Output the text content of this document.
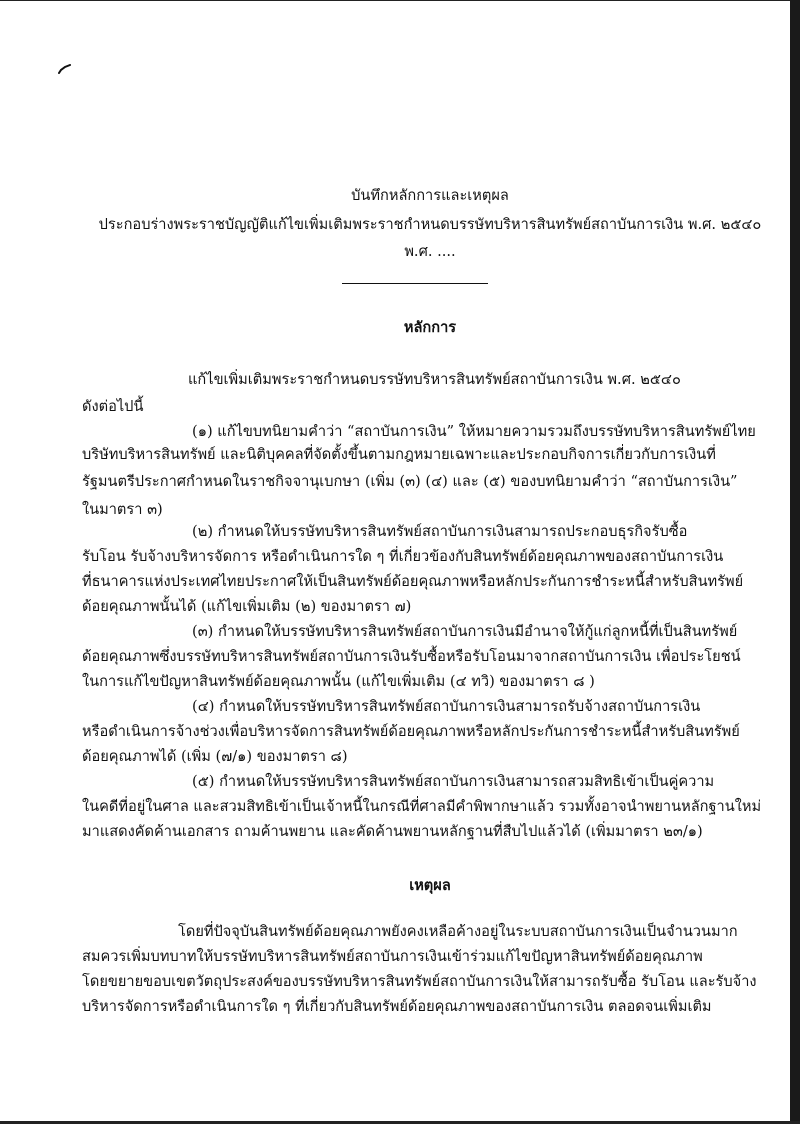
บันทึกหลักการและเหตุผล
ประกอบร่างพระราชบัญญัติแก้ไขเพิ่มเติมพระราชกำหนดบรรษัทบริหารสินทรัพย์สถาบันการเงิน พ.ศ. ๒๕๔๐
พ.ศ. ....
หลักการ
แก้ไขเพิ่มเติมพระราชกำหนดบรรษัทบริหารสินทรัพย์สถาบันการเงิน พ.ศ. ๒๕๔๐
ดังต่อไปนี้
(๑) แก้ไขบทนิยามคำว่า “สถาบันการเงิน” ให้หมายความรวมถึงบรรษัทบริหารสินทรัพย์ไทย
บริษัทบริหารสินทรัพย์ และนิติบุคคลที่จัดตั้งขึ้นตามกฎหมายเฉพาะและประกอบกิจการเกี่ยวกับการเงินที่
รัฐมนตรีประกาศกำหนดในราชกิจจานุเบกษา (เพิ่ม (๓) (๔) และ (๕) ของบทนิยามคำว่า “สถาบันการเงิน”
ในมาตรา ๓)
(๒) กำหนดให้บรรษัทบริหารสินทรัพย์สถาบันการเงินสามารถประกอบธุรกิจรับซื้อ
รับโอน รับจ้างบริหารจัดการ หรือดำเนินการใด ๆ ที่เกี่ยวข้องกับสินทรัพย์ด้อยคุณภาพของสถาบันการเงิน
ที่ธนาคารแห่งประเทศไทยประกาศให้เป็นสินทรัพย์ด้อยคุณภาพหรือหลักประกันการชำระหนี้สำหรับสินทรัพย์
ด้อยคุณภาพนั้นได้ (แก้ไขเพิ่มเติม (๒) ของมาตรา ๗)
(๓) กำหนดให้บรรษัทบริหารสินทรัพย์สถาบันการเงินมีอำนาจให้กู้แก่ลูกหนี้ที่เป็นสินทรัพย์
ด้อยคุณภาพซึ่งบรรษัทบริหารสินทรัพย์สถาบันการเงินรับซื้อหรือรับโอนมาจากสถาบันการเงิน เพื่อประโยชน์
ในการแก้ไขปัญหาสินทรัพย์ด้อยคุณภาพนั้น (แก้ไขเพิ่มเติม (๔ ทวิ) ของมาตรา ๘ )
(๔) กำหนดให้บรรษัทบริหารสินทรัพย์สถาบันการเงินสามารถรับจ้างสถาบันการเงิน
หรือดำเนินการจ้างช่วงเพื่อบริหารจัดการสินทรัพย์ด้อยคุณภาพหรือหลักประกันการชำระหนี้สำหรับสินทรัพย์
ด้อยคุณภาพได้ (เพิ่ม (๗/๑) ของมาตรา ๘)
(๕) กำหนดให้บรรษัทบริหารสินทรัพย์สถาบันการเงินสามารถสวมสิทธิเข้าเป็นคู่ความ
ในคดีที่อยู่ในศาล และสวมสิทธิเข้าเป็นเจ้าหนี้ในกรณีที่ศาลมีคำพิพากษาแล้ว รวมทั้งอาจนำพยานหลักฐานใหม่
มาแสดงคัดค้านเอกสาร ถามค้านพยาน และคัดค้านพยานหลักฐานที่สืบไปแล้วได้ (เพิ่มมาตรา ๒๓/๑)
เหตุผล
โดยที่ปัจจุบันสินทรัพย์ด้อยคุณภาพยังคงเหลือค้างอยู่ในระบบสถาบันการเงินเป็นจำนวนมาก
สมควรเพิ่มบทบาทให้บรรษัทบริหารสินทรัพย์สถาบันการเงินเข้าร่วมแก้ไขปัญหาสินทรัพย์ด้อยคุณภาพ
โดยขยายขอบเขตวัตถุประสงค์ของบรรษัทบริหารสินทรัพย์สถาบันการเงินให้สามารถรับซื้อ รับโอน และรับจ้าง
บริหารจัดการหรือดำเนินการใด ๆ ที่เกี่ยวกับสินทรัพย์ด้อยคุณภาพของสถาบันการเงิน ตลอดจนเพิ่มเติม
